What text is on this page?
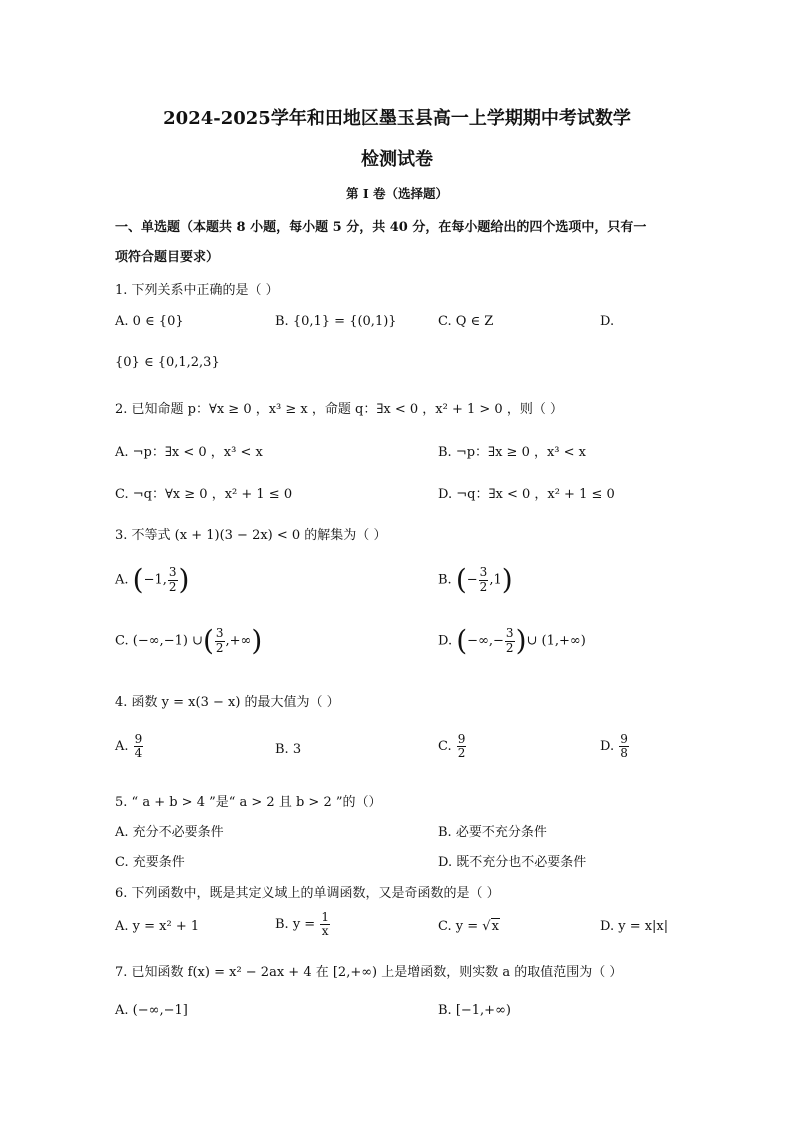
2024-2025学年和田地区墨玉县高一上学期期中考试数学
检测试卷
第 I 卷（选择题）
一、单选题（本题共 8 小题，每小题 5 分，共 40 分，在每小题给出的四个选项中，只有一
项符合题目要求）
1. 下列关系中正确的是（ ）
A. 0 ∈ {0}	B. {0,1} = {(0,1)}	C. Q ∈ Z	D.
{0} ∈ {0,1,2,3}
2. 已知命题 p：∀x ≥ 0 ，x³ ≥ x ，命题 q：∃x < 0 ，x² + 1 > 0 ，则（ ）
A. ¬p：∃x < 0 ，x³ < x	B. ¬p：∃x ≥ 0 ，x³ < x
C. ¬q：∀x ≥ 0 ，x² + 1 ≤ 0	D. ¬q：∃x < 0 ，x² + 1 ≤ 0
3. 不等式 (x + 1)(3 − 2x) < 0 的解集为（ ）
A. (−1, $\frac{3}{2}$ )	B. (− $\frac{3}{2} ,1$)
C. (−∞,−1) ∪( $\frac{3}{2}$ ,+∞)	D. (−∞,− $\frac{3}{2}$ )∪ (1,+∞)
4. 函数 y = x(3 − x) 的最大值为（ ）
A. $\frac{9}{4}$	B. 3	C. $\frac{9}{2}$	D. $\frac{9}{8}$
5. “ a + b > 4 ”是“ a > 2 且 b > 2 ”的（）
A. 充分不必要条件	B. 必要不充分条件
C. 充要条件	D. 既不充分也不必要条件
6. 下列函数中，既是其定义域上的单调函数，又是奇函数的是（ ）
A. y = x² + 1	B. $y = \frac{1}{x}$	C. y = √x	D. y = x|x|
7. 已知函数 f(x) = x² − 2ax + 4 在 [2,+∞) 上是增函数，则实数 a 的取值范围为（ ）
A. (−∞,−1]	B. [−1,+∞)
